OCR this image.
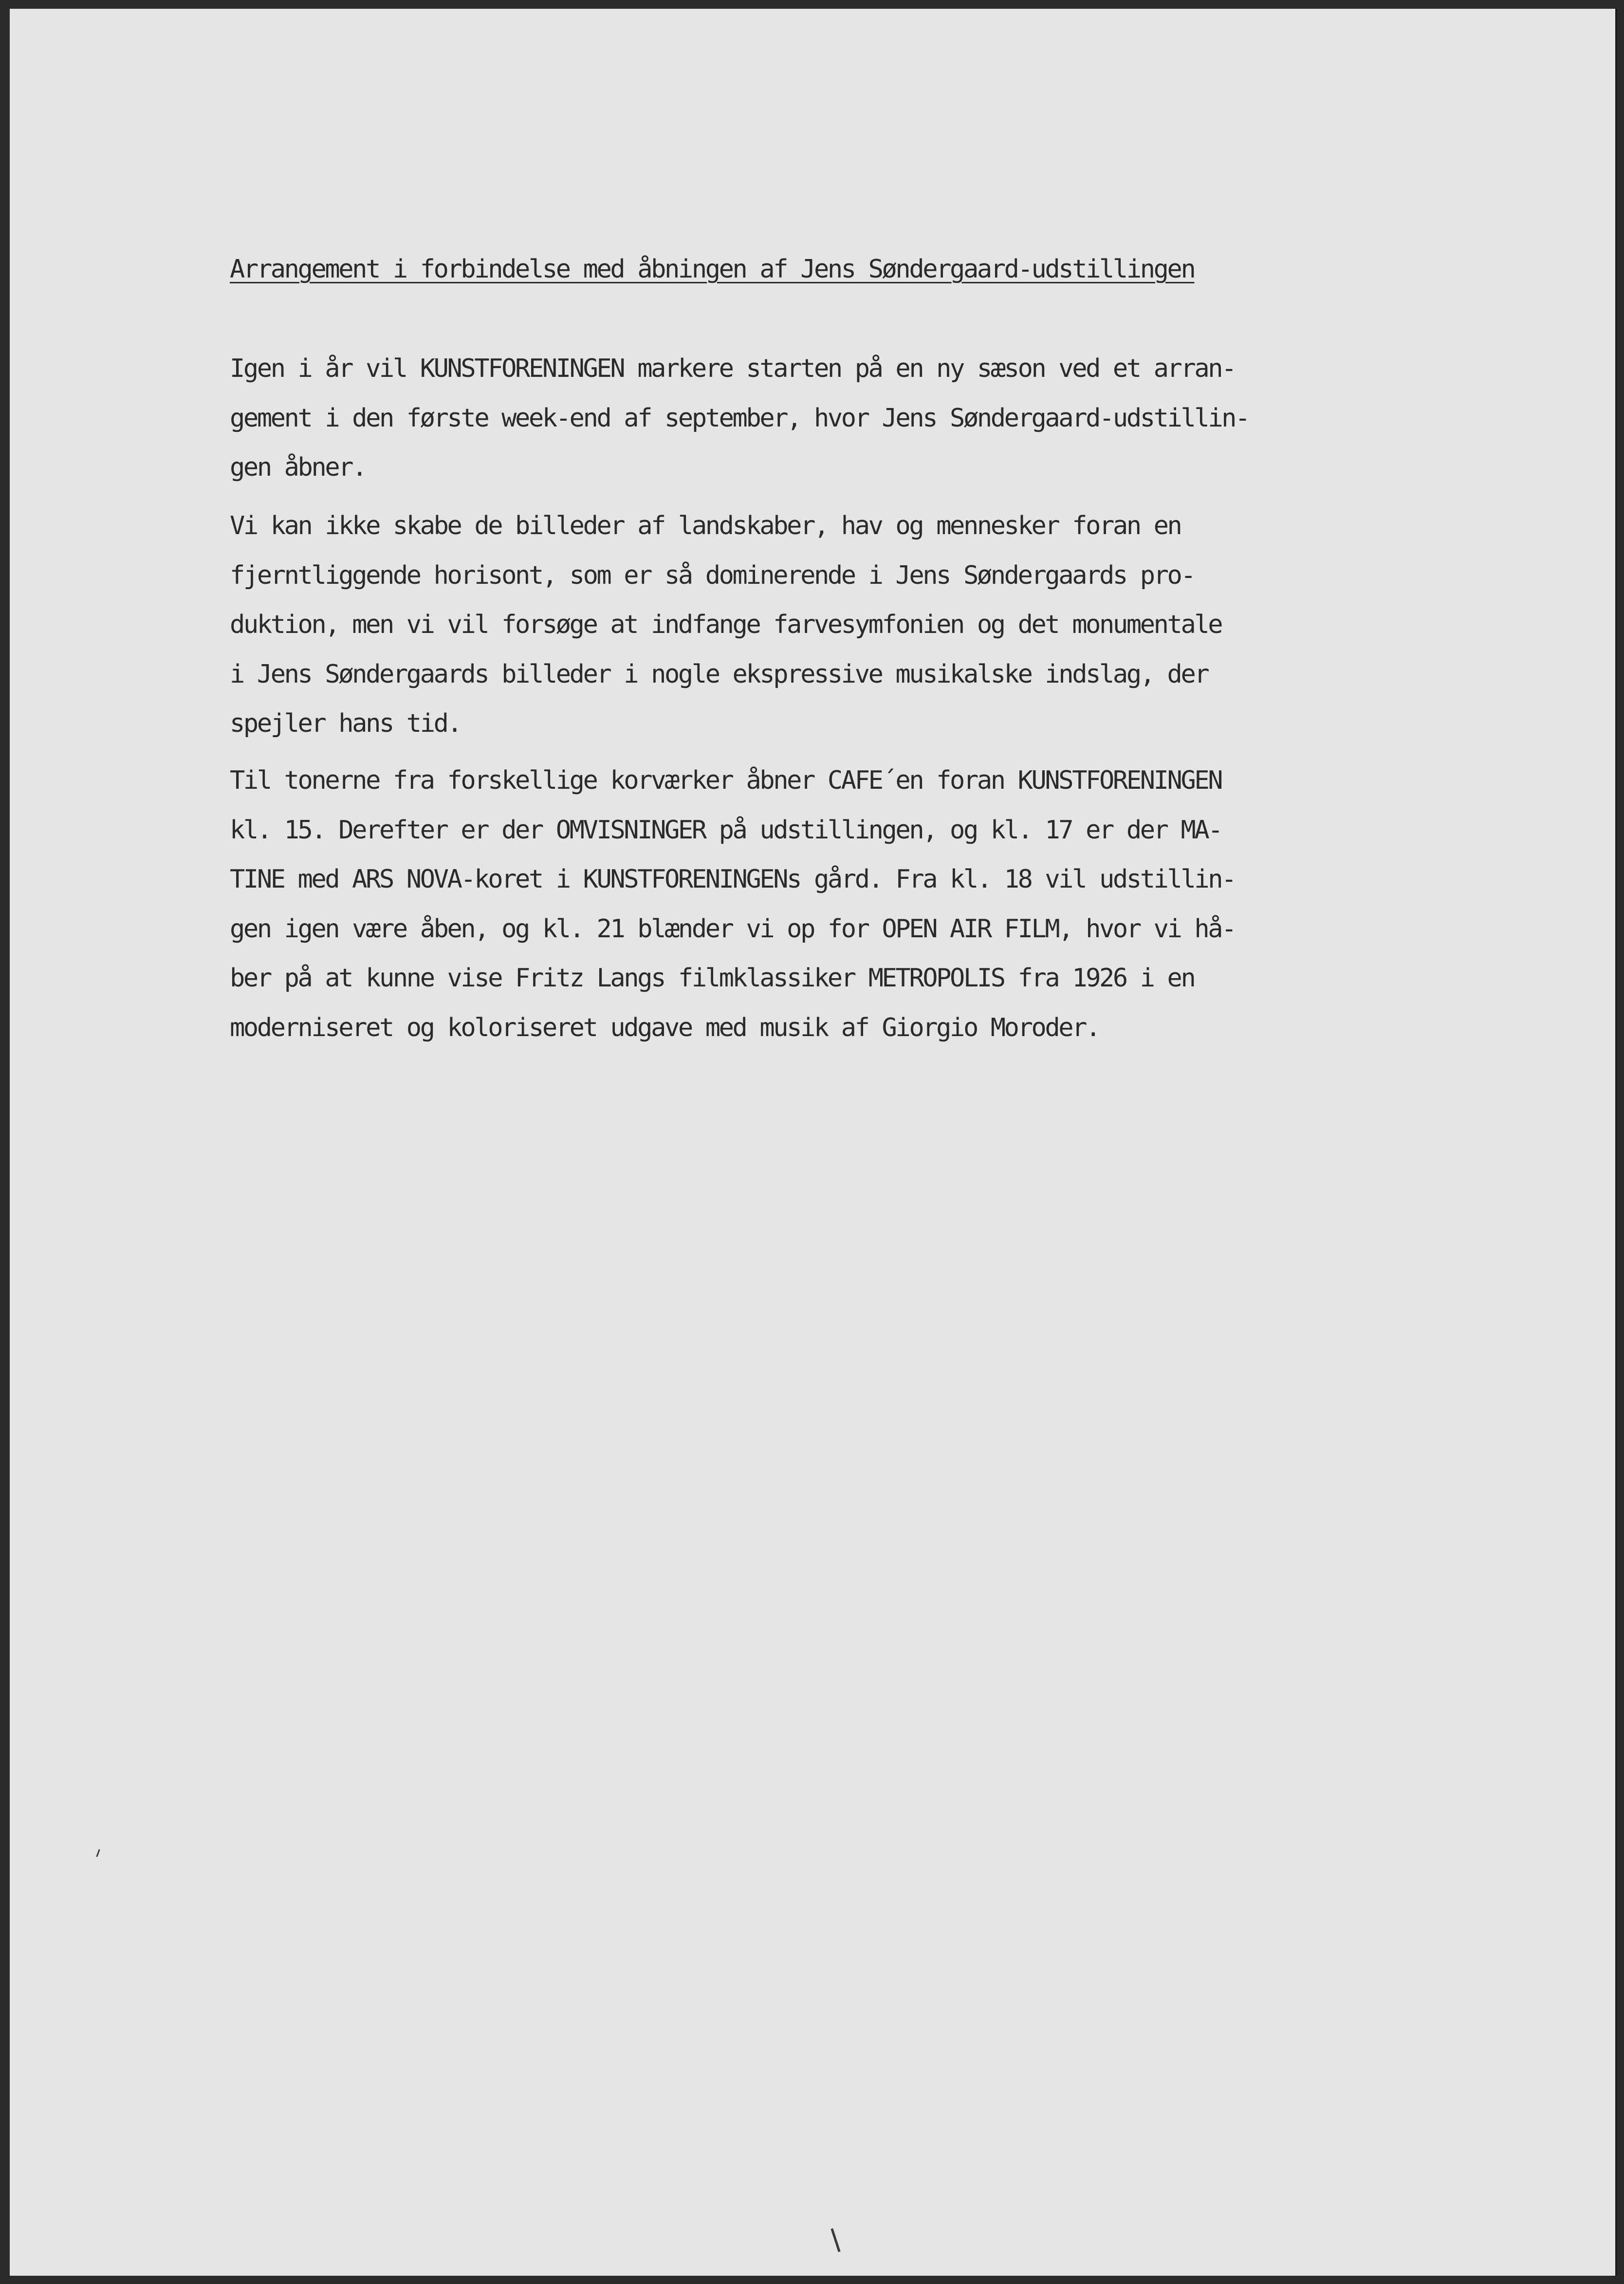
Arrangement i forbindelse med åbningen af Jens Søndergaard-udstillingen

Igen i år vil KUNSTFORENINGEN markere starten på en ny sæson ved et arran-
gement i den første week-end af september, hvor Jens Søndergaard-udstillin-
gen åbner.

Vi kan ikke skabe de billeder af landskaber, hav og mennesker foran en
fjerntliggende horisont, som er så dominerende i Jens Søndergaards pro-
duktion, men vi vil forsøge at indfange farvesymfonien og det monumentale
i Jens Søndergaards billeder i nogle ekspressive musikalske indslag, der
spejler hans tid.

Til tonerne fra forskellige korværker åbner CAFE´en foran KUNSTFORENINGEN
kl. 15. Derefter er der OMVISNINGER på udstillingen, og kl. 17 er der MA-
TINE med ARS NOVA-koret i KUNSTFORENINGENs gård. Fra kl. 18 vil udstillin-
gen igen være åben, og kl. 21 blænder vi op for OPEN AIR FILM, hvor vi hå-
ber på at kunne vise Fritz Langs filmklassiker METROPOLIS fra 1926 i en
moderniseret og koloriseret udgave med musik af Giorgio Moroder.
